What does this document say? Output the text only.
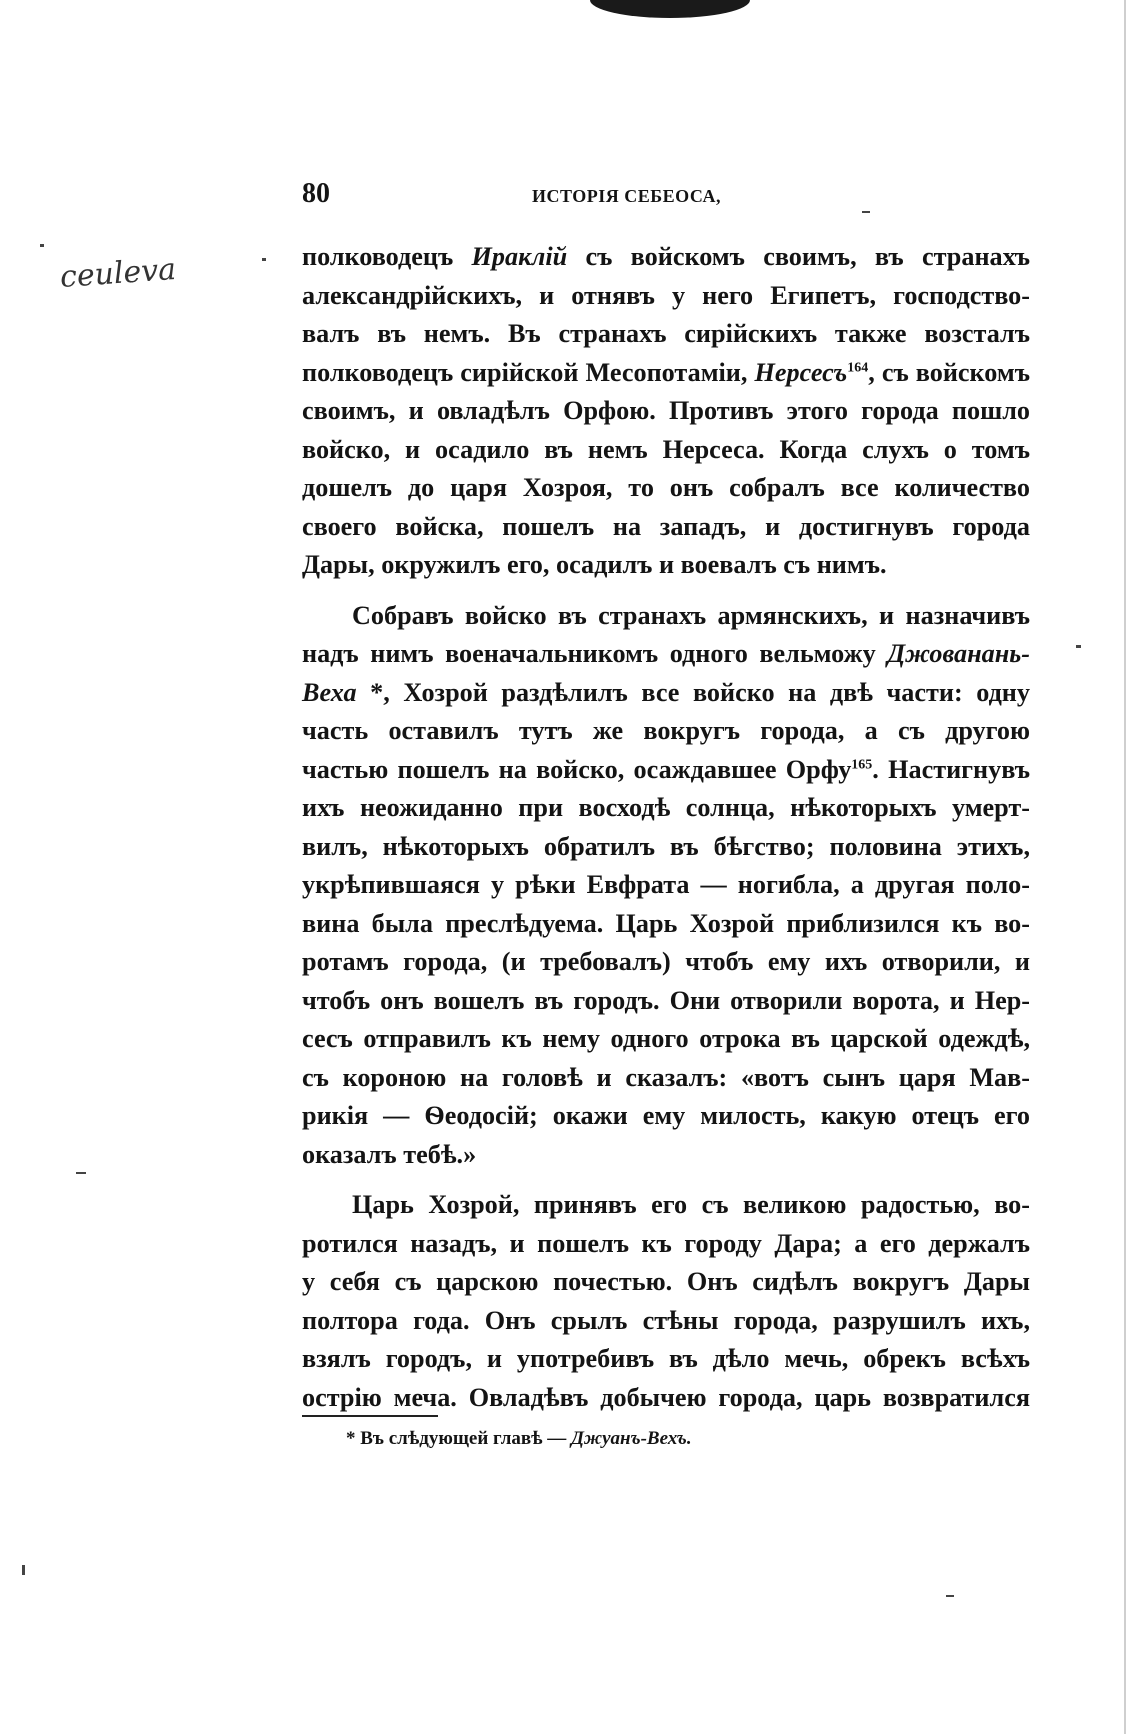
ceuleva
80	ИСТОРІЯ СЕБЕОСА,
полководецъ Ираклій съ войскомъ своимъ, въ странахъ
александрійскихъ, и отнявъ у него Египетъ, господство-
валъ въ немъ. Въ странахъ сирійскихъ также возсталъ
полководецъ сирійской Месопотаміи, Нерсесъ$^{164}$, съ войскомъ
своимъ, и овладѣлъ Орфою. Противъ этого города пошло
войско, и осадило въ немъ Нерсеса. Когда слухъ о томъ
дошелъ до царя Хозроя, то онъ собралъ все количество
своего войска, пошелъ на западъ, и достигнувъ города
Дары, окружилъ его, осадилъ и воевалъ съ нимъ.
Собравъ войско въ странахъ армянскихъ, и назначивъ
надъ нимъ военачальникомъ одного вельможу Джованань-
Веха *, Хозрой раздѣлилъ все войско на двѣ части: одну
часть оставилъ тутъ же вокругъ города, а съ другою
частью пошелъ на войско, осаждавшее Орфу$^{165}$. Настигнувъ
ихъ неожиданно при восходѣ солнца, нѣкоторыхъ умерт-
вилъ, нѣкоторыхъ обратилъ въ бѣгство; половина этихъ,
укрѣпившаяся у рѣки Евфрата — ногибла, а другая поло-
вина была преслѣдуема. Царь Хозрой приблизился къ во-
ротамъ города, (и требовалъ) чтобъ ему ихъ отворили, и
чтобъ онъ вошелъ въ городъ. Они отворили ворота, и Нер-
сесъ отправилъ къ нему одного отрока въ царской одеждѣ,
съ короною на головѣ и сказалъ: «вотъ сынъ царя Мав-
рикія — Ѳеодосій; окажи ему милость, какую отецъ его
оказалъ тебѣ.»
Царь Хозрой, принявъ его съ великою радостью, во-
ротился назадъ, и пошелъ къ городу Дара; а его держалъ
у себя съ царскою почестью. Онъ сидѣлъ вокругъ Дары
полтора года. Онъ срылъ стѣны города, разрушилъ ихъ,
взялъ городъ, и употребивъ въ дѣло мечь, обрекъ всѣхъ
острію меча. Овладѣвъ добычею города, царь возвратился
* Въ слѣдующей главѣ — Джуанъ-Вехъ.
